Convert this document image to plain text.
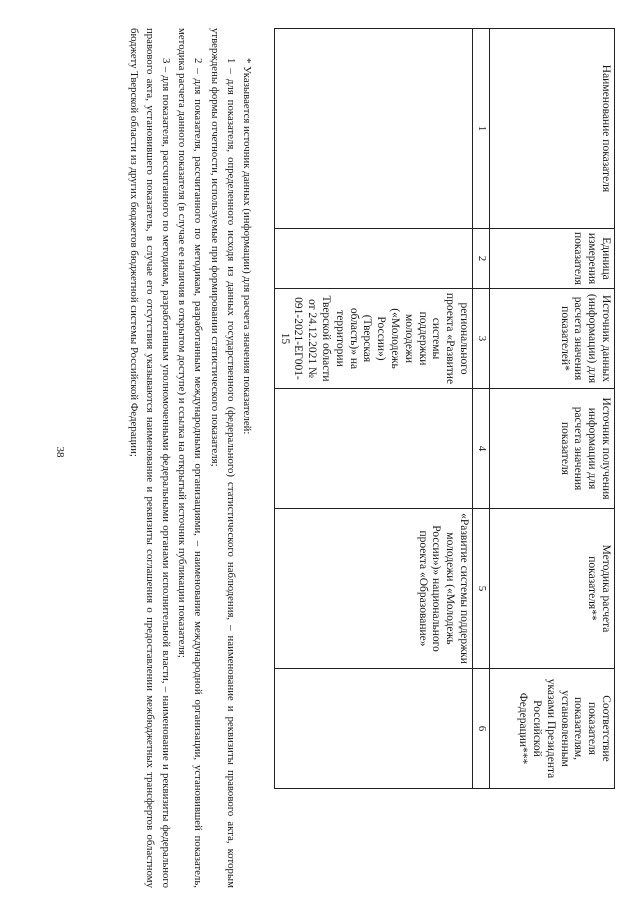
38
Наименование показателя	Единица измерения показателя	Источник данных (информации) для расчета значения показателей*	Источник получения информации для расчета значения показателя	Методика расчета показателя**	Соответствие показателя показателям, установленным указами Президента Российской Федерации***
1	2	3	4	5	6
		регионального проекта «Развитие системы поддержки молодежи («Молодежь России») (Тверская область)» на территории Тверской области от 24.12.2021 № 091-2021-ЕГ001-15		«Развитие системы поддержки молодежи («Молодежь России»)» национального проекта «Образование»	

* Указывается источник данных (информации) для расчета значения показателей:

1 – для показателя, определенного исходя из данных государственного (федерального) статистического наблюдения, – наименование и реквизиты правового акта, которым утверждены формы отчетности, используемые при формировании статистического показателя;

2 – для показателя, рассчитанного по методикам, разработанным международными организациями, – наименование международной организации, установившей показатель, методика расчета данного показателя (в случае ее наличия в открытом доступе) и ссылка на открытый источник публикации показателя;

3 – для показателя, рассчитанного по методикам, разработанным уполномоченными федеральными органами исполнительной власти, – наименование и реквизиты федерального правового акта, установившего показатель, в случае его отсутствия указываются наименование и реквизиты соглашения о предоставлении межбюджетных трансфертов областному бюджету Тверской области из других бюджетов бюджетной системы Российской Федерации;
